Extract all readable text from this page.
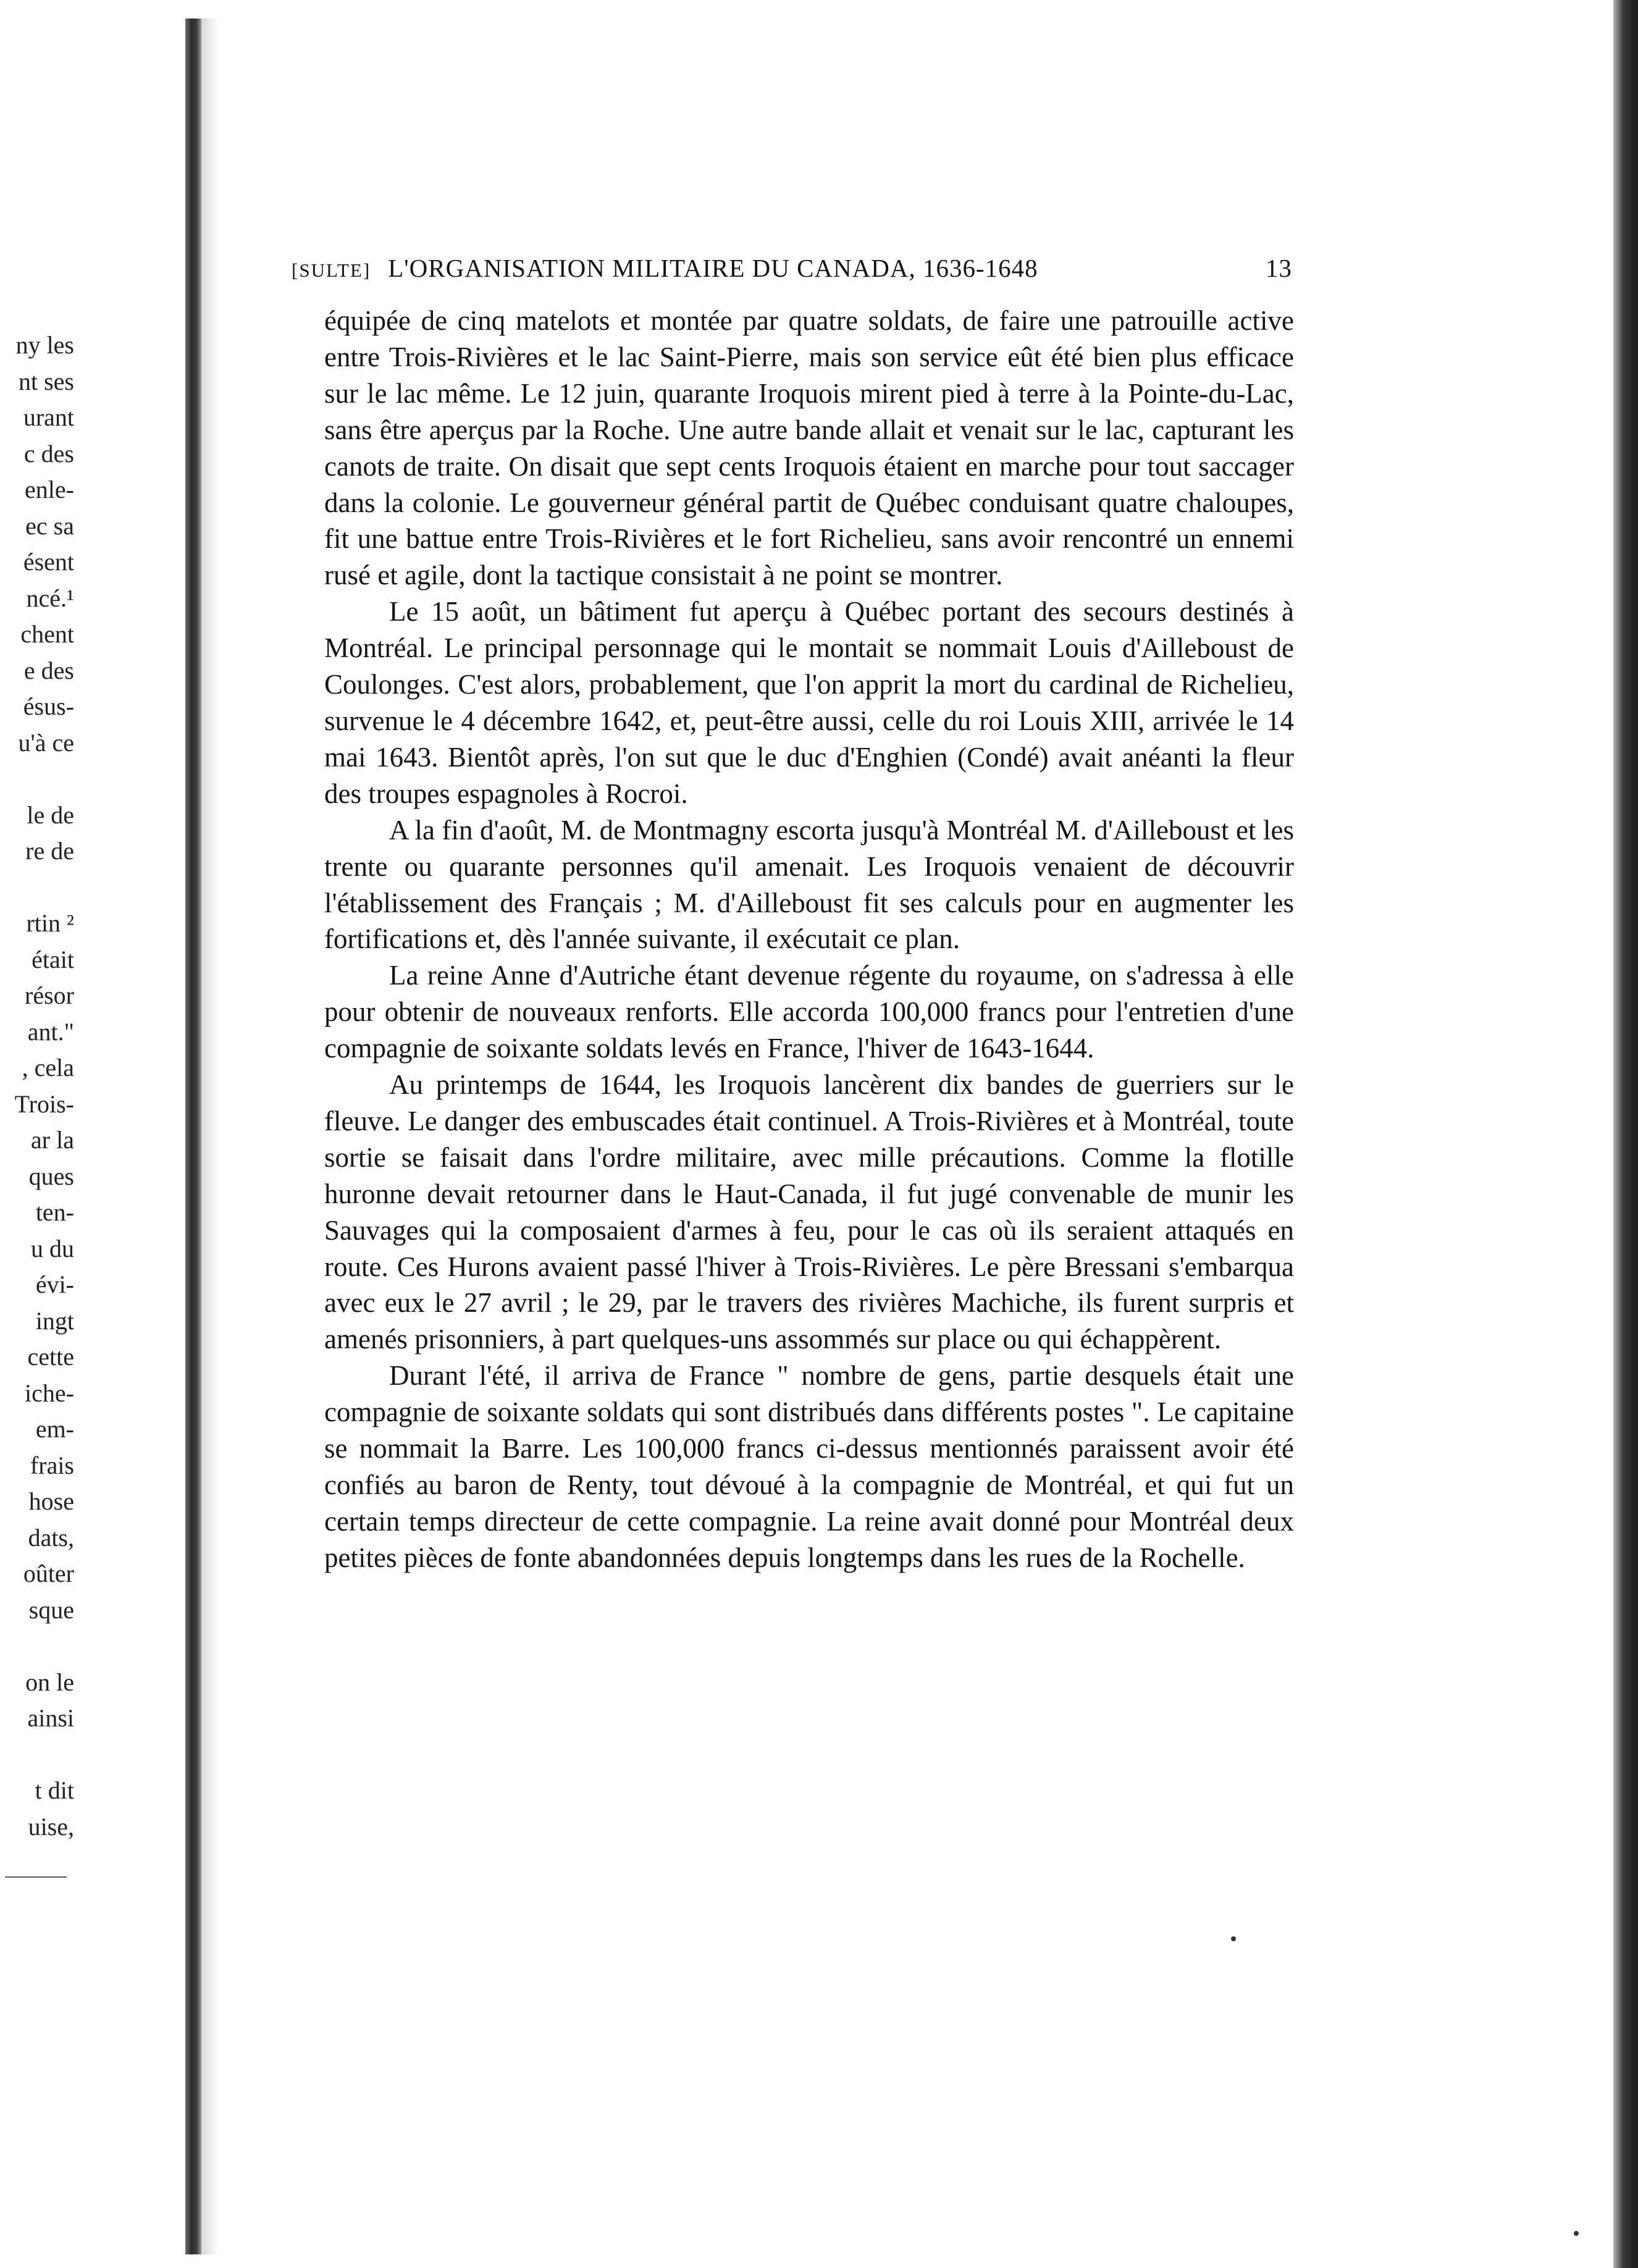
ny les
nt ses
urant
c des
enle-
ec sa
ésent
ncé.¹
chent
e des
ésus-
u'à ce
le de
re de
rtin ²
était
résor
ant."
, cela
Trois-
ar la
ques
ten-
u du
évi-
ingt
cette
iche-
em-
frais
hose
dats,
oûter
sque
on le
ainsi
t dit
uise,
[SULTE] L'ORGANISATION MILITAIRE DU CANADA, 1636-1648	13

équipée de cinq matelots et montée par quatre soldats, de faire une patrouille active entre Trois-Rivières et le lac Saint-Pierre, mais son service eût été bien plus efficace sur le lac même. Le 12 juin, quarante Iroquois mirent pied à terre à la Pointe-du-Lac, sans être aperçus par la Roche. Une autre bande allait et venait sur le lac, capturant les canots de traite. On disait que sept cents Iroquois étaient en marche pour tout saccager dans la colonie. Le gouverneur général partit de Québec conduisant quatre chaloupes, fit une battue entre Trois-Rivières et le fort Richelieu, sans avoir rencontré un ennemi rusé et agile, dont la tactique consistait à ne point se montrer.

Le 15 août, un bâtiment fut aperçu à Québec portant des secours destinés à Montréal. Le principal personnage qui le montait se nommait Louis d'Ailleboust de Coulonges. C'est alors, probablement, que l'on apprit la mort du cardinal de Richelieu, survenue le 4 décembre 1642, et, peut-être aussi, celle du roi Louis XIII, arrivée le 14 mai 1643. Bientôt après, l'on sut que le duc d'Enghien (Condé) avait anéanti la fleur des troupes espagnoles à Rocroi.

A la fin d'août, M. de Montmagny escorta jusqu'à Montréal M. d'Ailleboust et les trente ou quarante personnes qu'il amenait. Les Iroquois venaient de découvrir l'établissement des Français ; M. d'Ailleboust fit ses calculs pour en augmenter les fortifications et, dès l'année suivante, il exécutait ce plan.

La reine Anne d'Autriche étant devenue régente du royaume, on s'adressa à elle pour obtenir de nouveaux renforts. Elle accorda 100,000 francs pour l'entretien d'une compagnie de soixante soldats levés en France, l'hiver de 1643-1644.

Au printemps de 1644, les Iroquois lancèrent dix bandes de guerriers sur le fleuve. Le danger des embuscades était continuel. A Trois-Rivières et à Montréal, toute sortie se faisait dans l'ordre militaire, avec mille précautions. Comme la flotille huronne devait retourner dans le Haut-Canada, il fut jugé convenable de munir les Sauvages qui la composaient d'armes à feu, pour le cas où ils seraient attaqués en route. Ces Hurons avaient passé l'hiver à Trois-Rivières. Le père Bressani s'embarqua avec eux le 27 avril ; le 29, par le travers des rivières Machiche, ils furent surpris et amenés prisonniers, à part quelques-uns assommés sur place ou qui échappèrent.

Durant l'été, il arriva de France " nombre de gens, partie desquels était une compagnie de soixante soldats qui sont distribués dans différents postes ". Le capitaine se nommait la Barre. Les 100,000 francs ci-dessus mentionnés paraissent avoir été confiés au baron de Renty, tout dévoué à la compagnie de Montréal, et qui fut un certain temps directeur de cette compagnie. La reine avait donné pour Montréal deux petites pièces de fonte abandonnées depuis longtemps dans les rues de la Rochelle.
